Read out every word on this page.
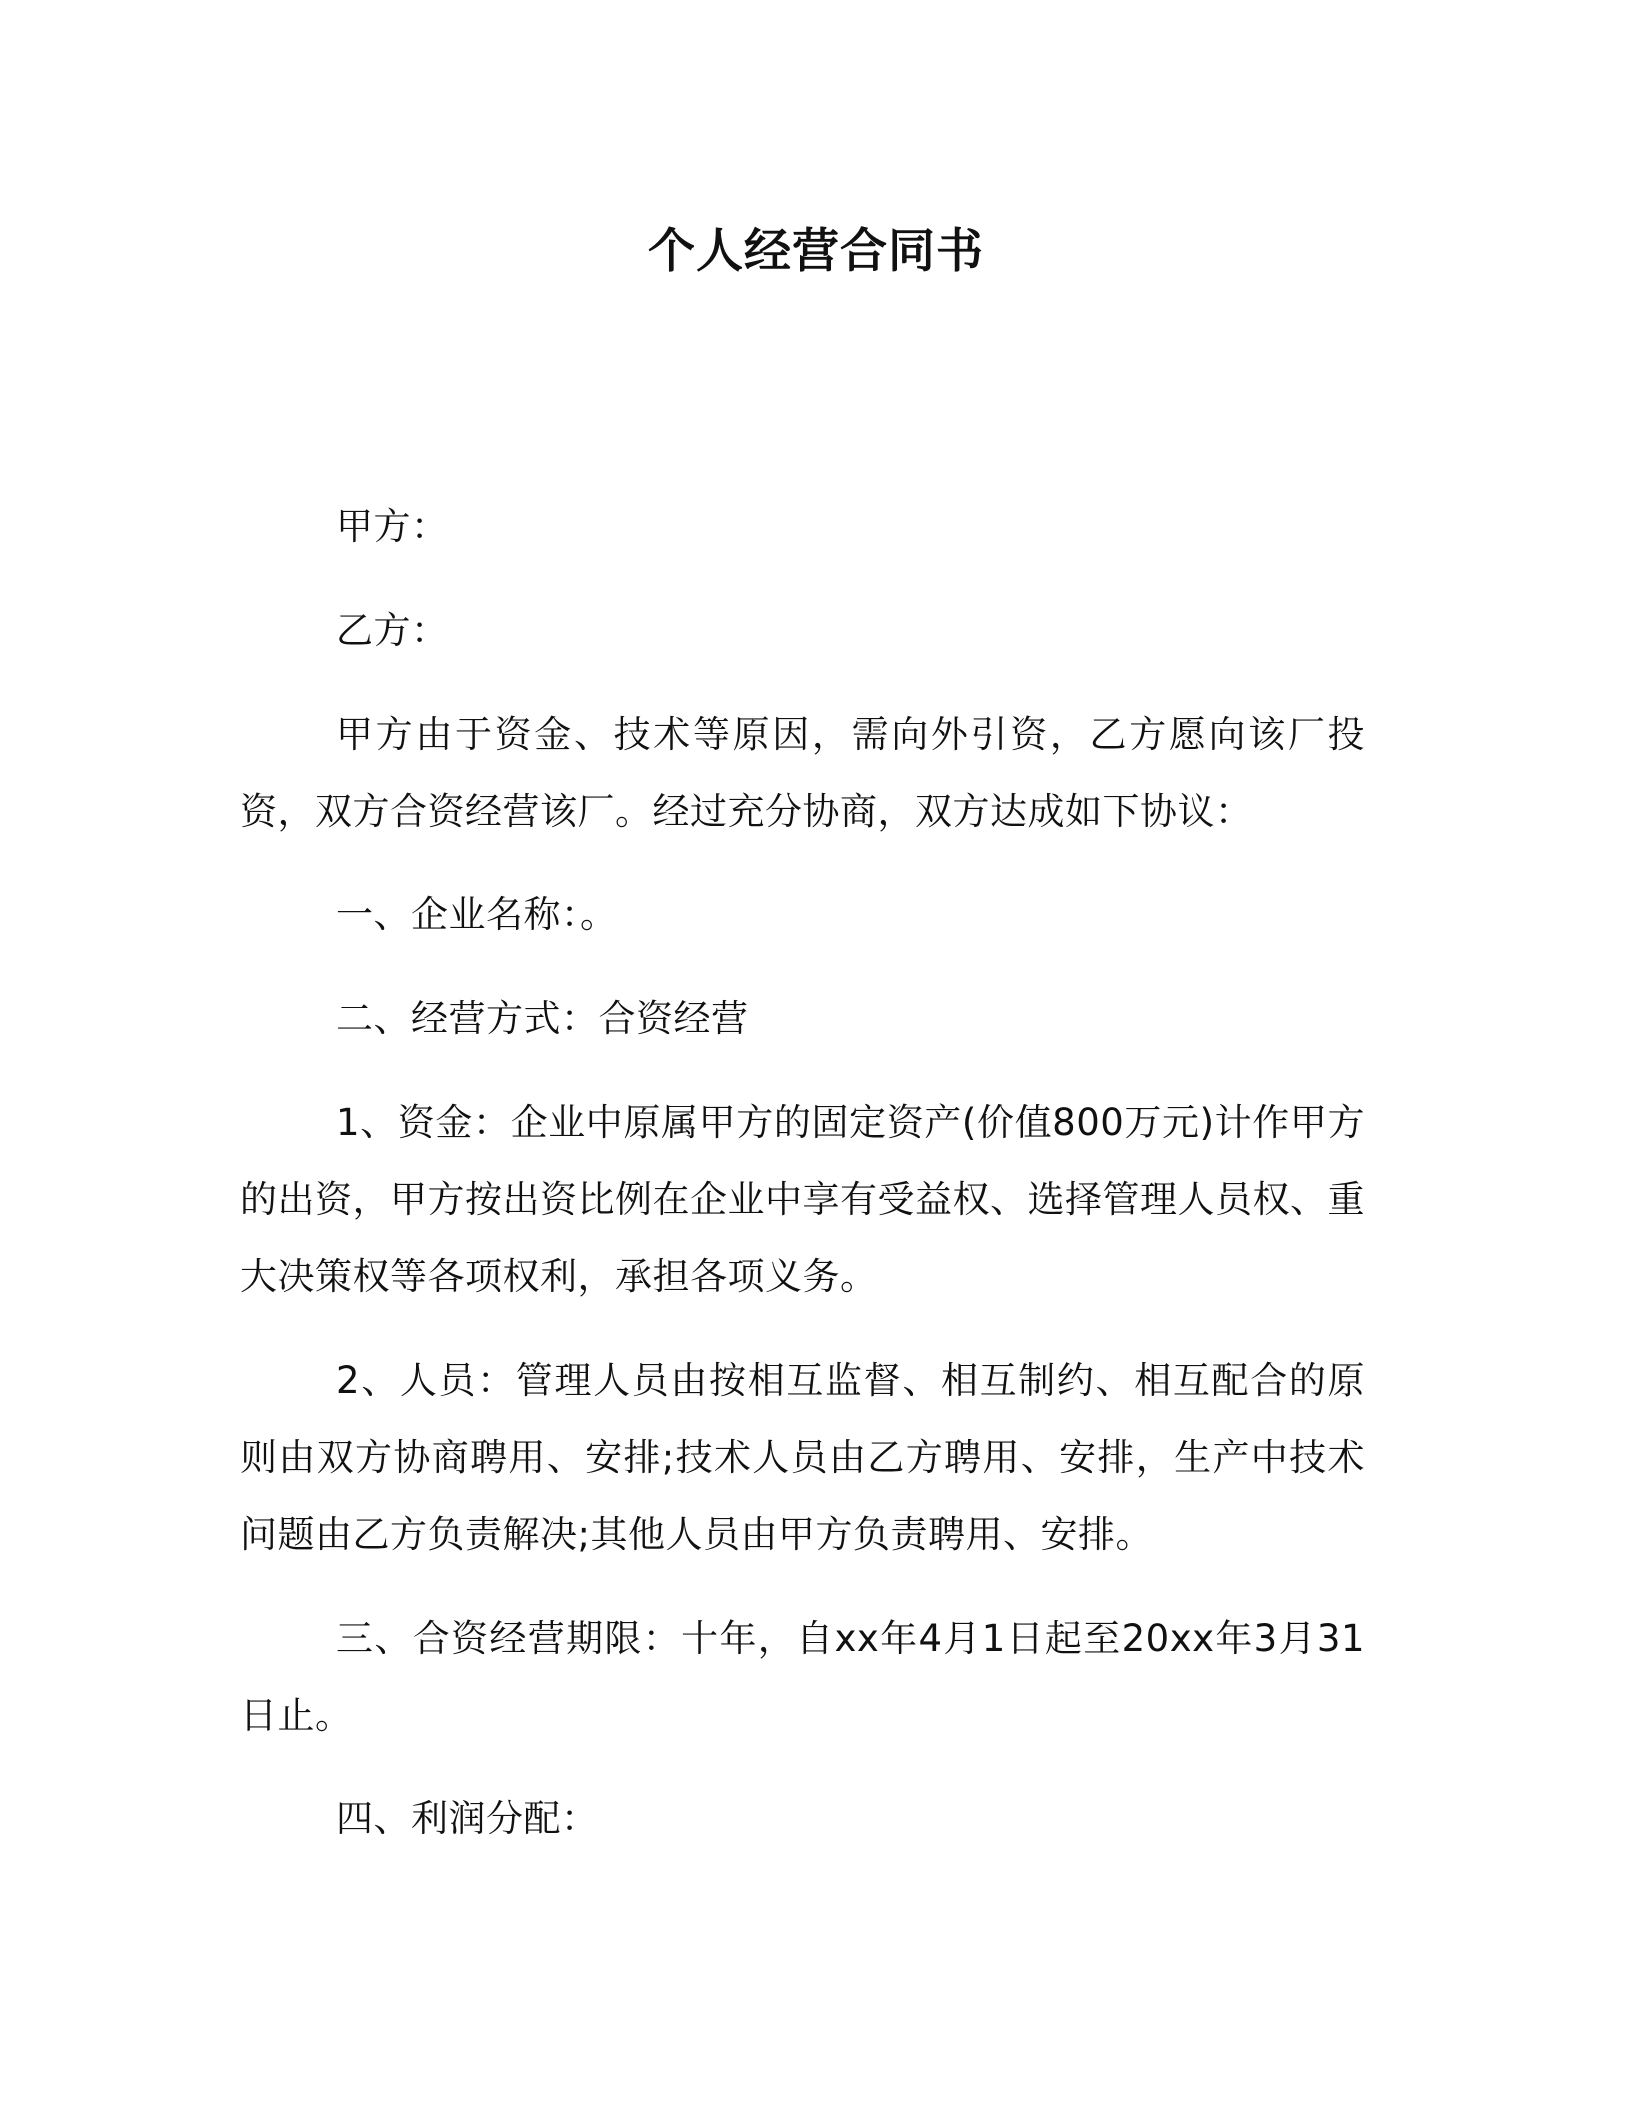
个人经营合同书

甲方：

乙方：

甲方由于资金、技术等原因，需向外引资，乙方愿向该厂投资，双方合资经营该厂。经过充分协商，双方达成如下协议：

一、企业名称：。

二、经营方式：合资经营

1、资金：企业中原属甲方的固定资产(价值800万元)计作甲方的出资，甲方按出资比例在企业中享有受益权、选择管理人员权、重大决策权等各项权利，承担各项义务。

2、人员：管理人员由按相互监督、相互制约、相互配合的原则由双方协商聘用、安排;技术人员由乙方聘用、安排，生产中技术问题由乙方负责解决;其他人员由甲方负责聘用、安排。

三、合资经营期限：十年，自xx年4月1日起至20xx年3月31日止。

四、利润分配：
